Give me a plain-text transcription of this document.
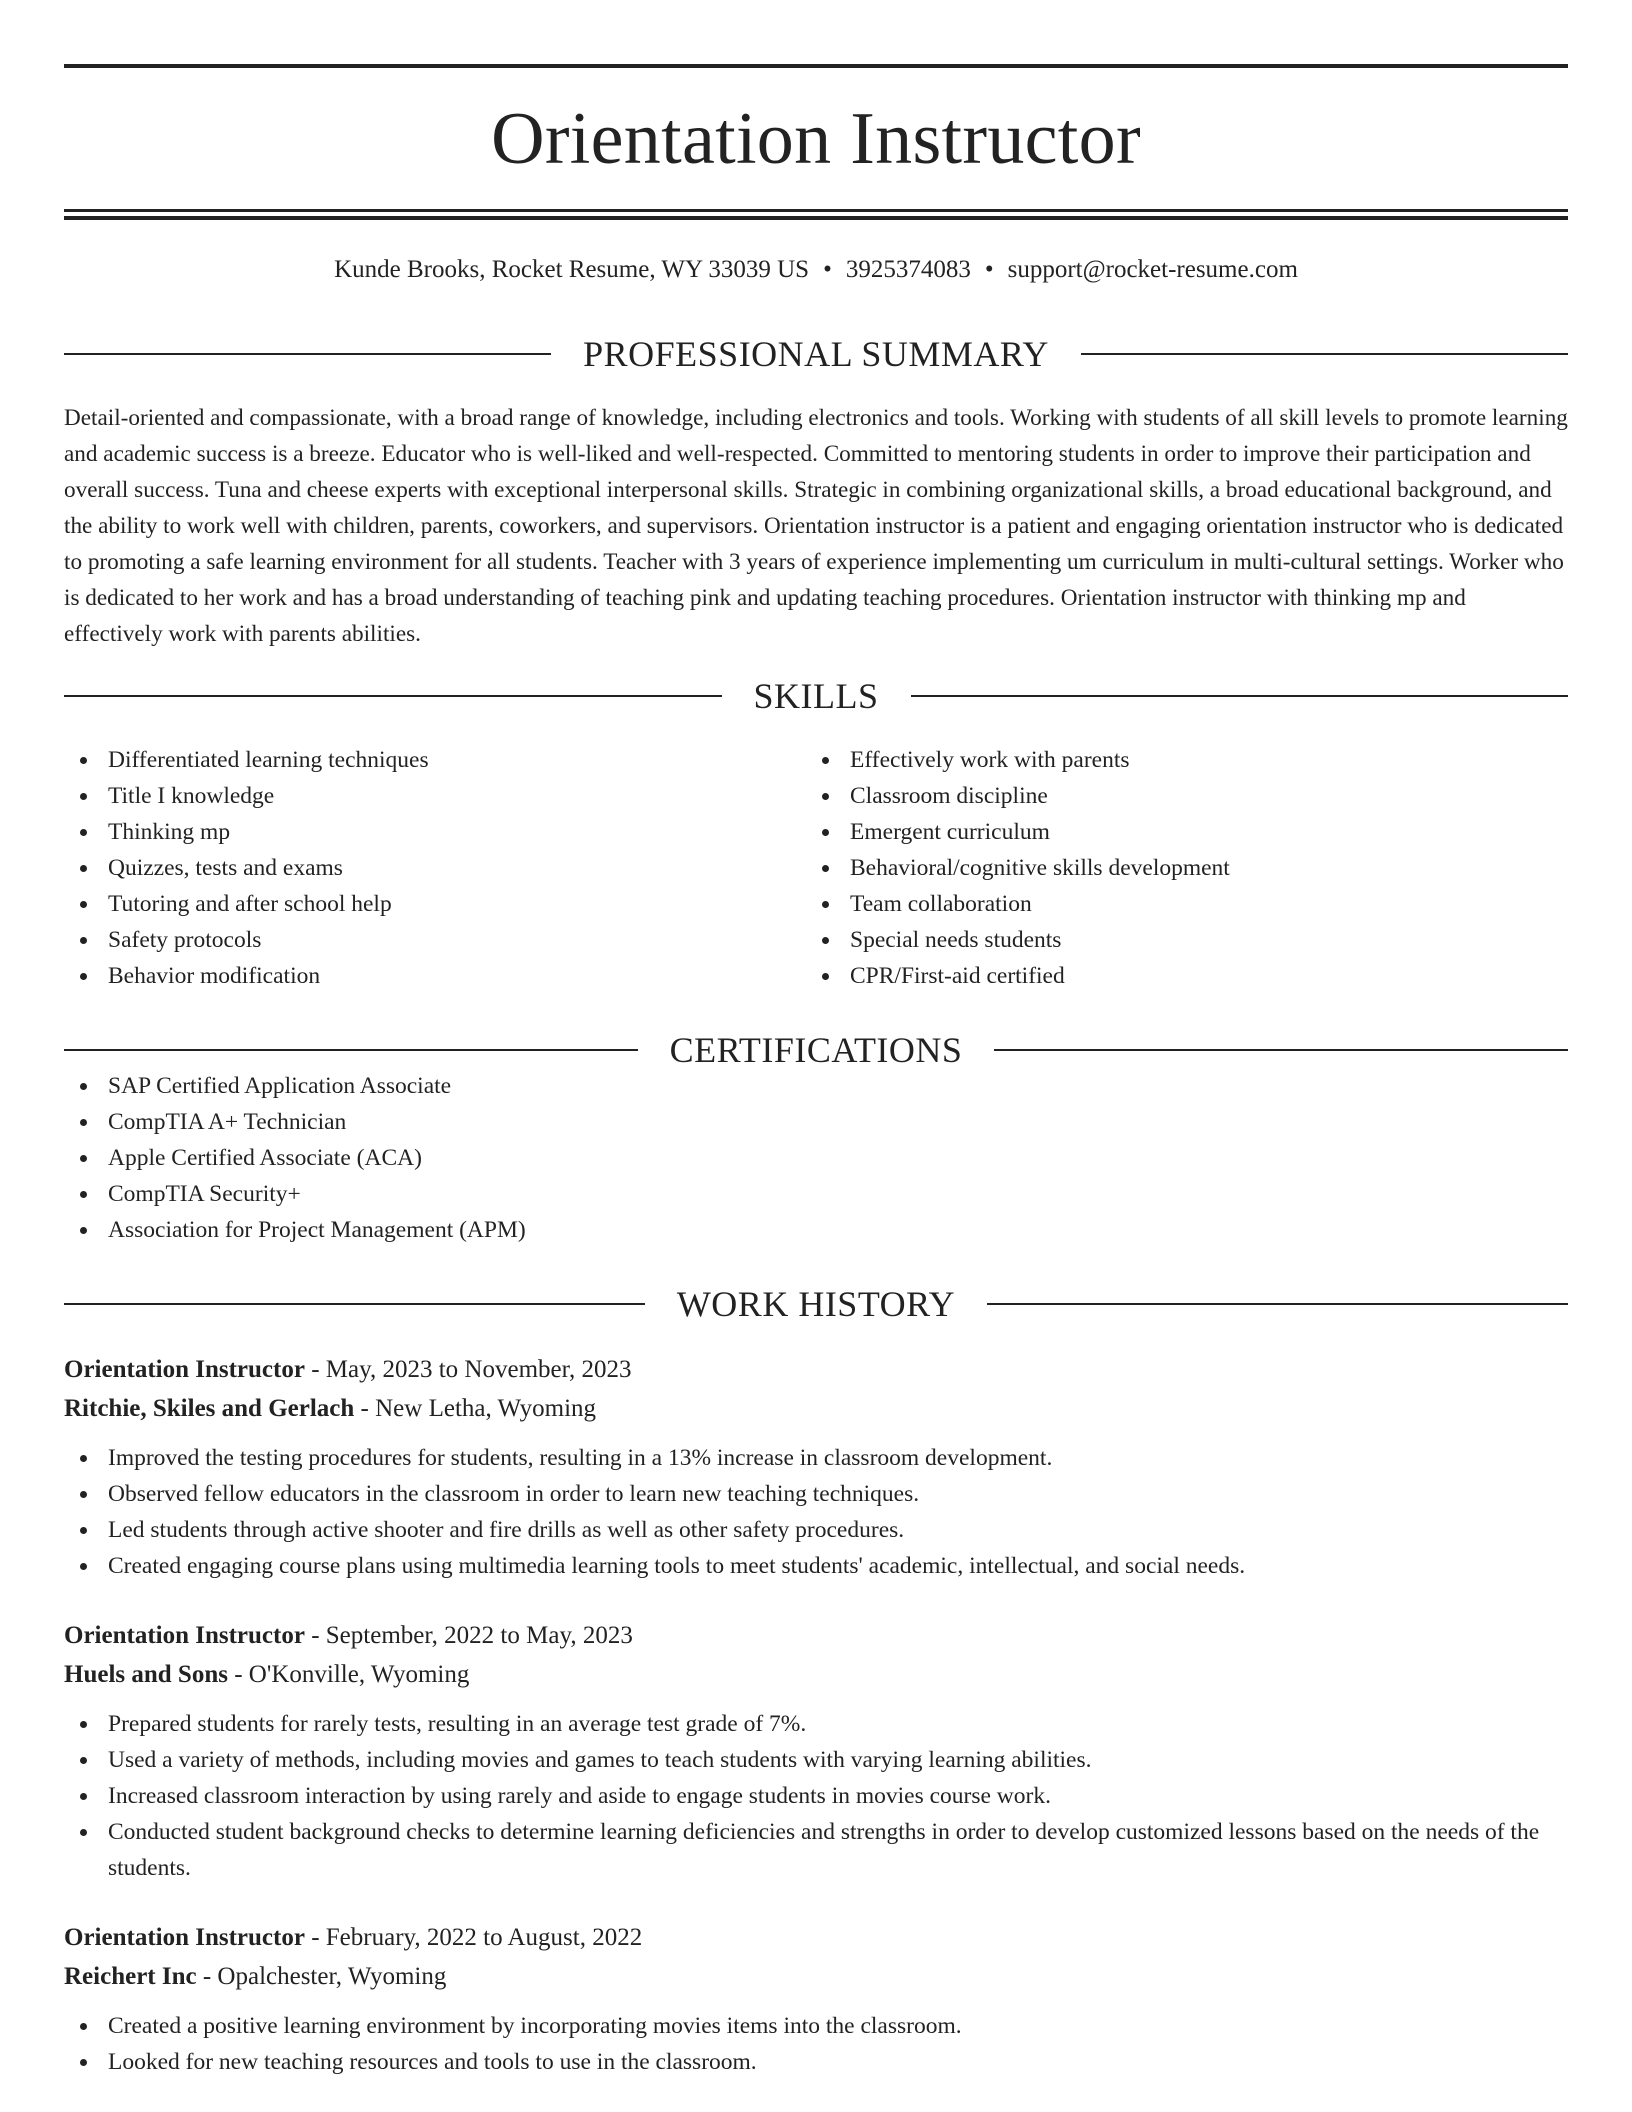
Orientation Instructor
Kunde Brooks, Rocket Resume, WY 33039 US • 3925374083 • support@rocket-resume.com
PROFESSIONAL SUMMARY

Detail-oriented and compassionate, with a broad range of knowledge, including electronics and tools. Working with students of all skill levels to promote learning and academic success is a breeze. Educator who is well-liked and well-respected. Committed to mentoring students in order to improve their participation and overall success. Tuna and cheese experts with exceptional interpersonal skills. Strategic in combining organizational skills, a broad educational background, and the ability to work well with children, parents, coworkers, and supervisors. Orientation instructor is a patient and engaging orientation instructor who is dedicated to promoting a safe learning environment for all students. Teacher with 3 years of experience implementing um curriculum in multi-cultural settings. Worker who is dedicated to her work and has a broad understanding of teaching pink and updating teaching procedures. Orientation instructor with thinking mp and effectively work with parents abilities.

SKILLS
Differentiated learning techniques
Title I knowledge
Thinking mp
Quizzes, tests and exams
Tutoring and after school help
Safety protocols
Behavior modification
Effectively work with parents
Classroom discipline
Emergent curriculum
Behavioral/cognitive skills development
Team collaboration
Special needs students
CPR/First-aid certified
CERTIFICATIONS
SAP Certified Application Associate
CompTIA A+ Technician
Apple Certified Associate (ACA)
CompTIA Security+
Association for Project Management (APM)
WORK HISTORY
Orientation Instructor - May, 2023 to November, 2023
Ritchie, Skiles and Gerlach - New Letha, Wyoming
Improved the testing procedures for students, resulting in a 13% increase in classroom development.
Observed fellow educators in the classroom in order to learn new teaching techniques.
Led students through active shooter and fire drills as well as other safety procedures.
Created engaging course plans using multimedia learning tools to meet students' academic, intellectual, and social needs.
Orientation Instructor - September, 2022 to May, 2023
Huels and Sons - O'Konville, Wyoming
Prepared students for rarely tests, resulting in an average test grade of 7%.
Used a variety of methods, including movies and games to teach students with varying learning abilities.
Increased classroom interaction by using rarely and aside to engage students in movies course work.
Conducted student background checks to determine learning deficiencies and strengths in order to develop customized lessons based on the needs of the students.
Orientation Instructor - February, 2022 to August, 2022
Reichert Inc - Opalchester, Wyoming
Created a positive learning environment by incorporating movies items into the classroom.
Looked for new teaching resources and tools to use in the classroom.
